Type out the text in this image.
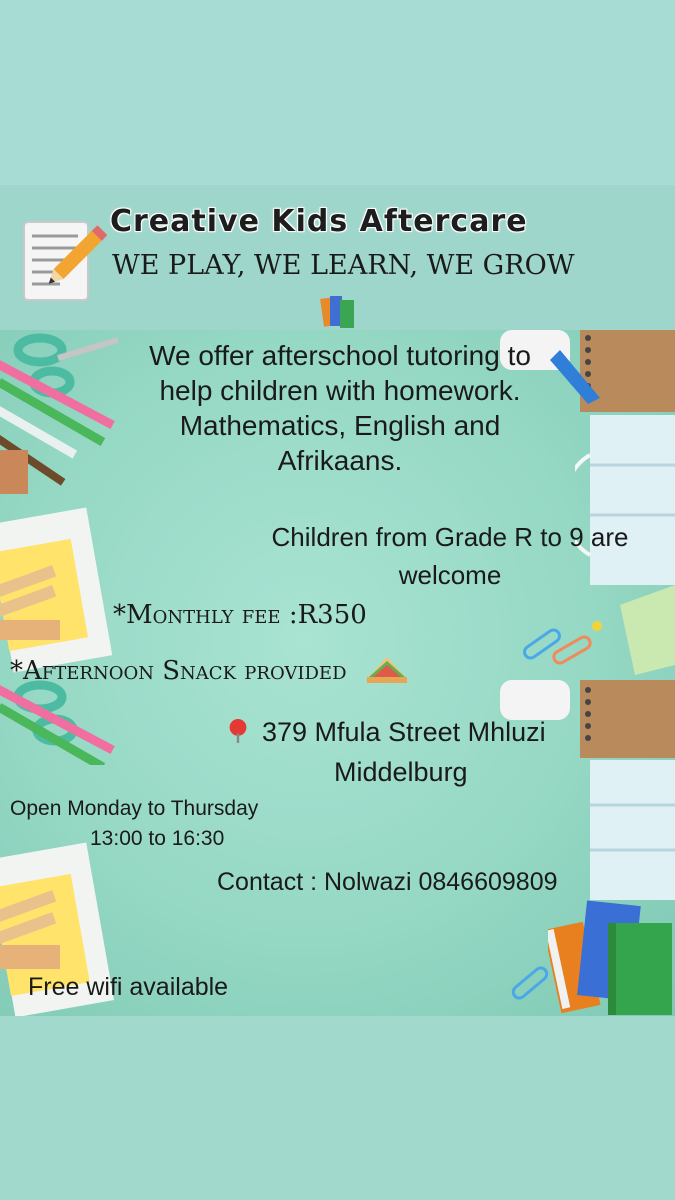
Creative Kids Aftercare
WE PLAY, WE LEARN, WE GROW
We offer afterschool tutoring to
help children with homework.
Mathematics, English and
Afrikaans.
Children from Grade R to 9 are welcome
*Monthly fee :R350
*Afternoon Snack provided
379 Mfula Street Mhluzi
Middelburg
Open Monday to Thursday
13:00 to 16:30
Contact : Nolwazi 0846609809
Free wifi available
